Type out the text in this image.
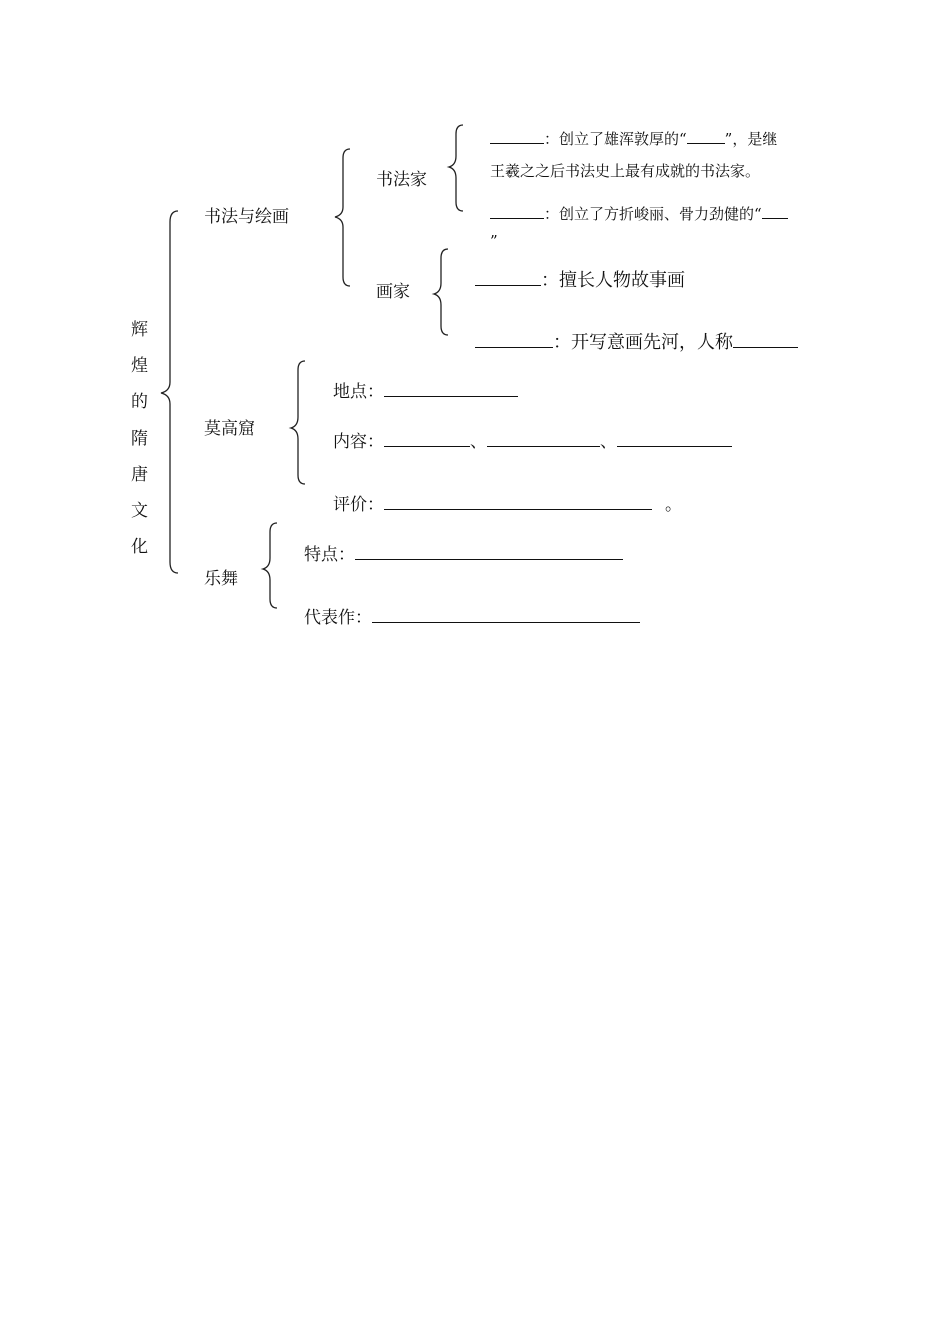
辉
煌
的
隋
唐
文
化
书法与绘画
莫高窟
乐舞
书法家
：创立了雄浑敦厚的“	”，是继
王羲之之后书法史上最有成就的书法家。
：创立了方折峻丽、骨力劲健的“
”
画家
：擅长人物故事画
：开写意画先河，人称
地点：
内容：	、	、
评价：	。
特点：
代表作：
